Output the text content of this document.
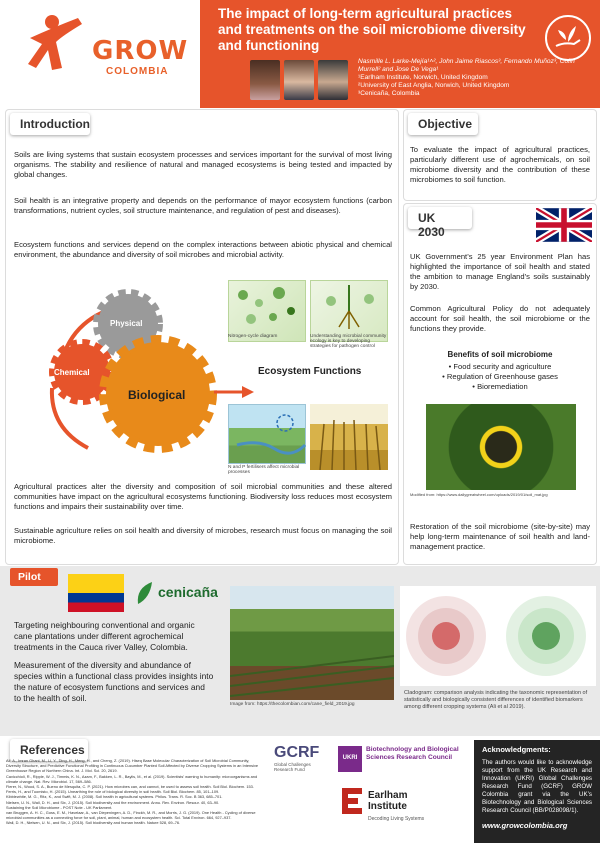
GROW
COLOMBIA
The impact of long-term agricultural practices and treatments on the soil microbiome diversity and functioning
Nasmille L. Larke-Mejía¹˄², John Jaime Riascos³, Fernando Muñoz³, Colin Murrell² and Jose De Vega¹
¹Earlham Institute, Norwich, United Kingdom
²University of East Anglia, Norwich, United Kingdom
³Cenicaña, Colombia
Introduction
Soils are living systems that sustain ecosystem processes and services important for the survival of most living organisms. The stability and resilience of natural and managed ecosystems is being tested and impacted by global changes.
Soil health is an integrative property and depends on the performance of mayor ecosystem functions (carbon transformations, nutrient cycles, soil structure maintenance, and regulation of pest and diseases).
Ecosystem functions and services depend on the complex interactions between abiotic physical and chemical environment, the abundance and diversity of soil microbes and microbial activity.
Physical
Chemical
Biological
Ecosystem Functions
Nitrogen-cycle diagram	Understanding microbial community ecology is key to developing strategies for pathogen control
N and P fertilisers affect microbial processes
Agricultural practices alter the diversity and composition of soil microbial communities and these altered communities have impact on the agricultural ecosystems functioning. Biodiversity loss reduces most ecosystem functions and impairs their sustainability over time.
Sustainable agriculture relies on soil health and diversity of microbes, research must focus on managing the soil microbiome.
Objective
To evaluate the impact of agricultural practices, particularly different use of agrochemicals, on soil microbiome diversity and the contribution of these microbiomes to soil function.
UK 2030
UK Government’s 25 year Environment Plan has highlighted the importance of soil health and stated the ambition to manage England’s soils sustainably by 2030.
Common Agricultural Policy do not adequately account for soil health, the soil microbiome or the functions they provide.
Benefits of soil microbiome
• Food security and agriculture
• Regulation of Greenhouse gases
• Bioremediation
Modified from: https://www.dailygreatwheel.com/uploads/2019/01/soil_mat.jpg
Restoration of the soil microbiome (site-by-site) may help long-term maintenance of soil health and land-management practice.
Pilot
cenicaña
Targeting neighbouring conventional and organic cane plantations under different agrochemical treatments in the Cauca river Valley, Colombia.
Measurement of the diversity and abundance of species within a functional class provides insights into the nature of ecosystem functions and services and to the health of soil.
Image from: https://thecolombian.com/cane_field_2019.jpg
Cladogram: comparison analysis indicating the taxonomic representation of statistically and biologically consistent differences of identified biomarkers among different cropping systems (Ali et al 2019).
References
Ali, A., Imran Ghani, M., Li, Y., Ding, H., Meng, H., and Cheng, Z. (2019). Hiseq Base Molecular Characterization of Soil Microbial Community, Diversity Structure, and Predictive Functional Profiling in Continuous Cucumber Planted Soil Affected by Diverse Cropping Systems in an Intensive Greenhouse Region of Northern China. Int. J. Mol. Sci. 20, 2619.
Cavicchioli, R., Ripple, W. J., Timmis, K. N., Azam, F., Bakken, L. R., Baylis, M., et al. (2019). Scientists' warning to humanity: microorganisms and climate change. Nat. Rev. Microbiol. 17, 569–586.
Fierer, N., Wood, S. A., Bueno de Mesquita, C. P. (2021). How microbes can, and cannot, be used to assess soil health. Soil Biol. Biochem. 153.
Ferris, H., and Tuomisto, H. (2015). Unearthing the role of biological diversity in soil health. Soil Biol. Biochem. 85, 101–109.
Kibblewhite, M. G., Ritz, K., and Swift, M. J. (2008). Soil health in agricultural systems. Philos. Trans. R. Soc. B 363, 685–701.
Nielsen, U. N., Wall, D. H., and Six, J. (2015). Soil biodiversity and the environment. Annu. Rev. Environ. Resour. 40, 63–90.
Sustaining the Soil Microbiome - POST Note - UK Parliament.
van Bruggen, A. H. C., Goss, E. M., Havelaar, A., van Diepeningen, A. D., Finckh, M. R., and Morris, J. G. (2019). One Health - Cycling of diverse microbial communities as a connecting force for soil, plant, animal, human and ecosystem health. Sci. Total Environ. 664, 927–937.
Wall, D. H., Nielsen, U. N., and Six, J. (2015). Soil biodiversity and human health. Nature 528, 69–76.
GCRF
Global Challenges Research Fund
UKRI
Biotechnology and Biological Sciences Research Council
Earlham Institute
Decoding Living Systems
Acknowledgments:

The authors would like to acknowledge support from the UK Research and Innovation (UKRI) Global Challenges Research Fund (GCRF) GROW Colombia grant via the UK’s Biotechnology and Biological Sciences Research Council (BB/P028098/1).

www.growcolombia.org
